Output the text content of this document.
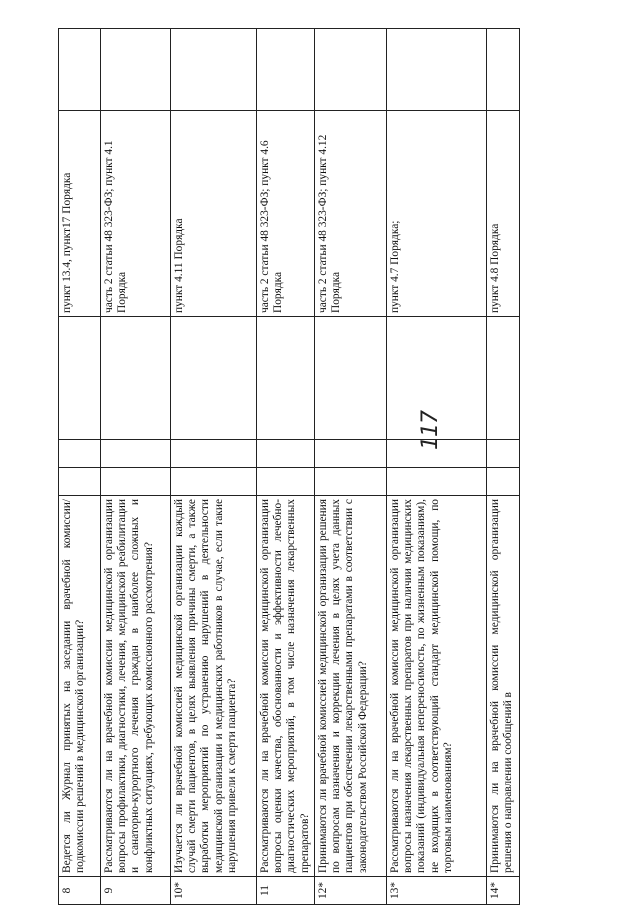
117
8	Ведется ли Журнал принятых на заседании врачебной комиссии/подкомиссии решений в медицинской организации?				пункт 13.4, пункт17 Порядка	
9	Рассматриваются ли на врачебной комиссии медицинской организации вопросы профилактики, диагностики, лечения, медицинской реабилитации и санаторно-курортного лечения граждан в наиболее сложных и конфликтных ситуациях, требующих комиссионного рассмотрения?				часть 2 статьи 48 323-ФЗ; пункт 4.1 Порядка	
10*	Изучается ли врачебной комиссией медицинской организации каждый случай смерти пациентов, в целях выявления причины смерти, а также выработки мероприятий по устранению нарушений в деятельности медицинской организации и медицинских работников в случае, если такие нарушения привели к смерти пациента?				пункт 4.11 Порядка	
11	Рассматриваются ли на врачебной комиссии медицинской организации вопросы оценки качества, обоснованности и эффективности лечебно-диагностических мероприятий, в том числе назначения лекарственных препаратов?				часть 2 статьи 48 323-ФЗ; пункт 4.6 Порядка	
12*	Принимаются ли врачебной комиссией медицинской организации решения по вопросам назначения и коррекции лечения в целях учета данных пациентов при обеспечении лекарственными препаратами в соответствии с законодательством Российской Федерации?				часть 2 статьи 48 323-ФЗ; пункт 4.12 Порядка	
13*	Рассматриваются ли на врачебной комиссии медицинской организации вопросы назначения лекарственных препаратов при наличии медицинских показаний (индивидуальная непереносимость, по жизненным показаниям), не входящих в соответствующий стандарт медицинской помощи, по торговым наименованиям?				пункт 4.7 Порядка;	
14*	Принимаются ли на врачебной комиссии медицинской организации решения о направлении сообщений в				пункт 4.8 Порядка	
